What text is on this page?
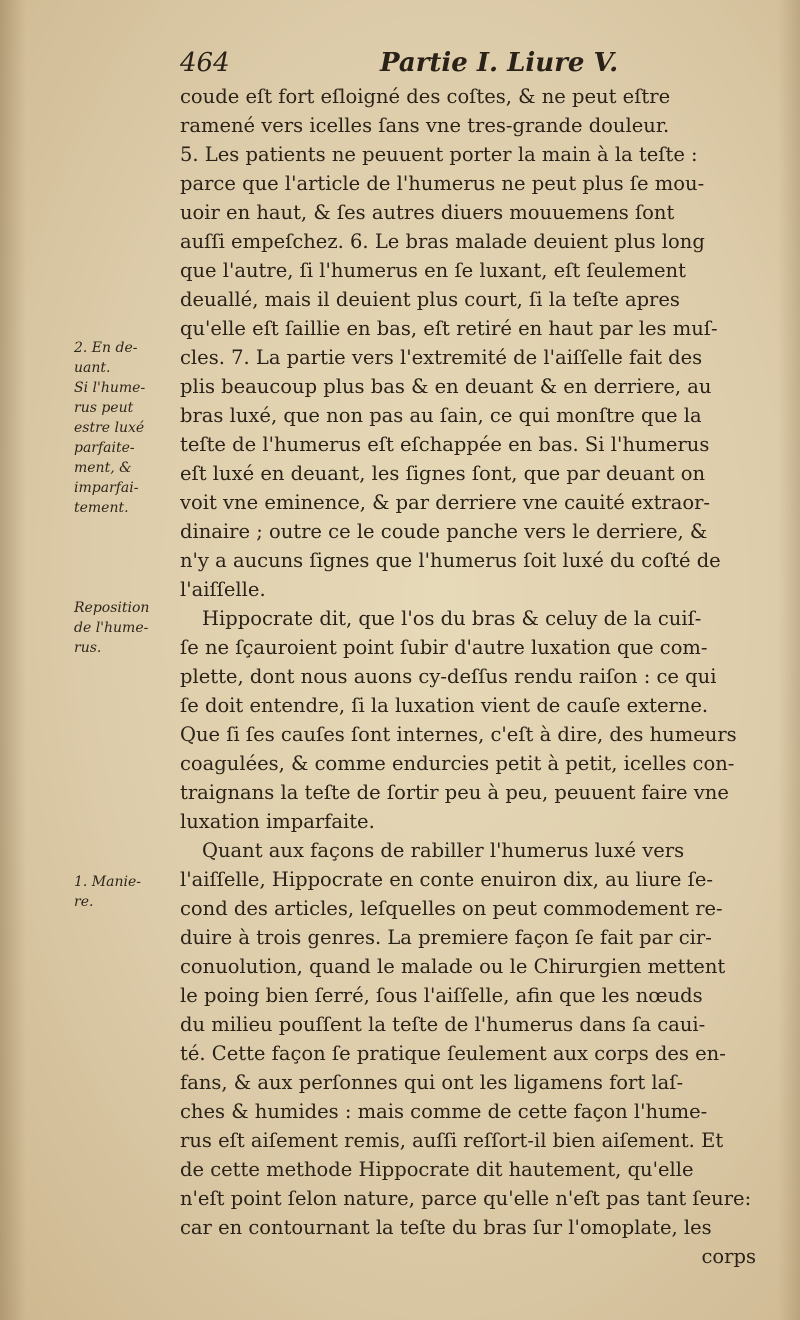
464	Partie I. Liure V.
2. En de-
uant.
Si l'hume-
rus peut
estre luxé
parfaite-
ment, &
imparfai-
tement.
Reposition
de l'hume-
rus.
1. Manie-
re.
coude eſt fort eſloigné des coſtes, & ne peut eſtre
ramené vers icelles ſans vne tres-grande douleur.
5. Les patients ne peuuent porter la main à la teſte :
parce que l'article de l'humerus ne peut plus ſe mou-
uoir en haut, & ſes autres diuers mouuemens ſont
auſſi empeſchez. 6. Le bras malade deuient plus long
que l'autre, ſi l'humerus en ſe luxant, eſt ſeulement
deuallé, mais il deuient plus court, ſi la teſte apres
qu'elle eſt ſaillie en bas, eſt retiré en haut par les muſ-
cles. 7. La partie vers l'extremité de l'aiſſelle fait des
plis beaucoup plus bas & en deuant & en derriere, au
bras luxé, que non pas au ſain, ce qui monſtre que la
teſte de l'humerus eſt eſchappée en bas. Si l'humerus
eſt luxé en deuant, les ſignes ſont, que par deuant on
voit vne eminence, & par derriere vne cauité extraor-
dinaire ; outre ce le coude panche vers le derriere, &
n'y a aucuns ſignes que l'humerus ſoit luxé du coſté de
l'aiſſelle.
Hippocrate dit, que l'os du bras & celuy de la cuiſ-
ſe ne ſçauroient point ſubir d'autre luxation que com-
plette, dont nous auons cy-deſſus rendu raiſon : ce qui
ſe doit entendre, ſi la luxation vient de cauſe externe.
Que ſi ſes cauſes ſont internes, c'eſt à dire, des humeurs
coagulées, & comme endurcies petit à petit, icelles con-
traignans la teſte de ſortir peu à peu, peuuent faire vne
luxation imparfaite.
Quant aux façons de rabiller l'humerus luxé vers
l'aiſſelle, Hippocrate en conte enuiron dix, au liure ſe-
cond des articles, leſquelles on peut commodement re-
duire à trois genres. La premiere façon ſe fait par cir-
conuolution, quand le malade ou le Chirurgien mettent
le poing bien ſerré, ſous l'aiſſelle, afin que les nœuds
du milieu pouſſent la teſte de l'humerus dans ſa caui-
té. Cette façon ſe pratique ſeulement aux corps des en-
fans, & aux perſonnes qui ont les ligamens fort laſ-
ches & humides : mais comme de cette façon l'hume-
rus eſt aiſement remis, auſſi reſſort-il bien aiſement. Et
de cette methode Hippocrate dit hautement, qu'elle
n'eſt point ſelon nature, parce qu'elle n'eſt pas tant ſeure:
car en contournant la teſte du bras ſur l'omoplate, les
corps
